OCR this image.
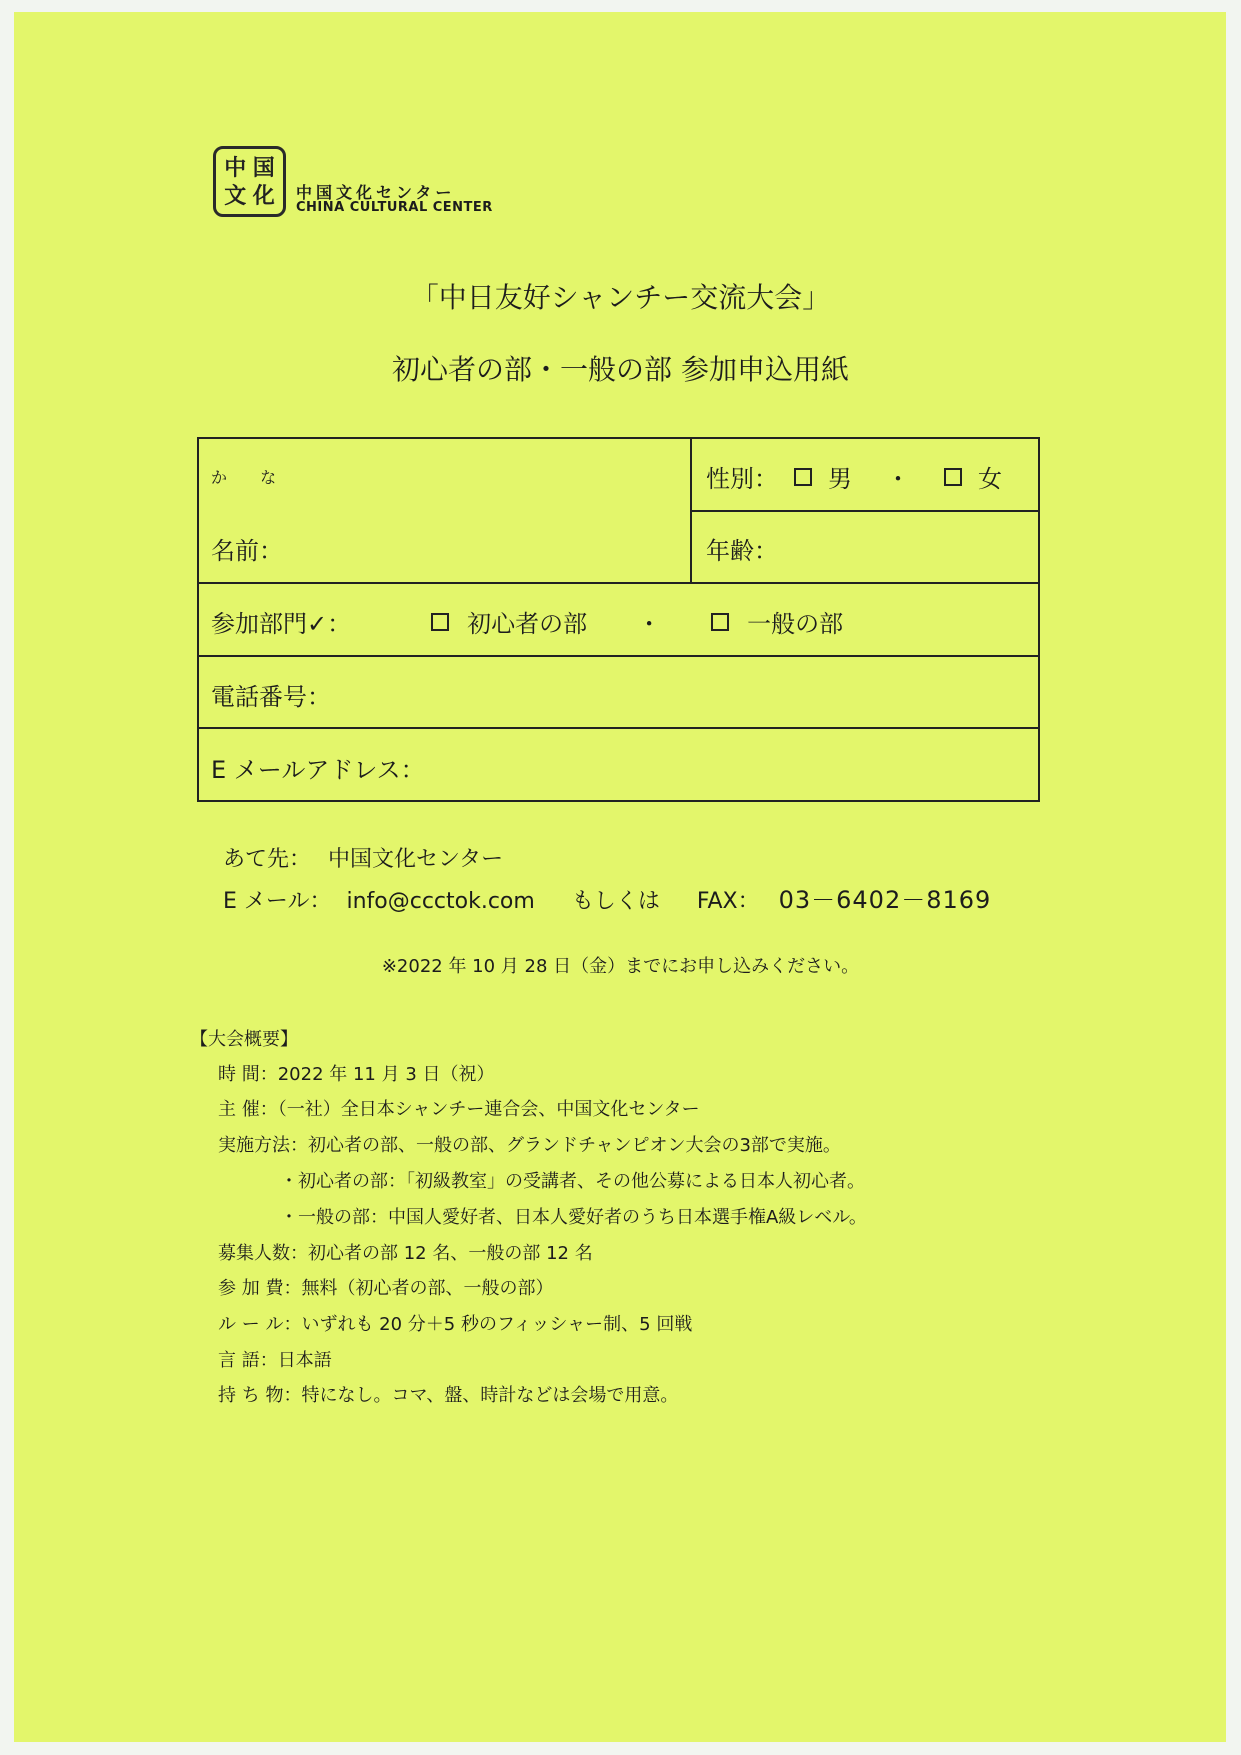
中 国
文 化 中国文化センター
CHINA CULTURAL CENTER
「中日友好シャンチー交流大会」
初心者の部・一般の部 参加申込用紙
か な	性別： 男 ・	女
名前：	年齢：
参加部門✓：	初心者の部 ・	一般の部
電話番号：
E メールアドレス：
あて先： 中国文化センター
E メール： info@ccctok.com もしくは FAX： 03－6402－8169
※2022 年 10 月 28 日（金）までにお申し込みください。
【大会概要】
時 間：2022 年 11 月 3 日（祝）
主 催：（一社）全日本シャンチー連合会、中国文化センター
実施方法：初心者の部、一般の部、グランドチャンピオン大会の3部で実施。
・初心者の部：「初級教室」の受講者、その他公募による日本人初心者。
・一般の部：中国人愛好者、日本人愛好者のうち日本選手権A級レベル。
募集人数：初心者の部 12 名、一般の部 12 名
参 加 費：無料（初心者の部、一般の部）
ル ー ル：いずれも 20 分＋5 秒のフィッシャー制、5 回戦
言 語：日本語
持 ち 物：特になし。コマ、盤、時計などは会場で用意。
